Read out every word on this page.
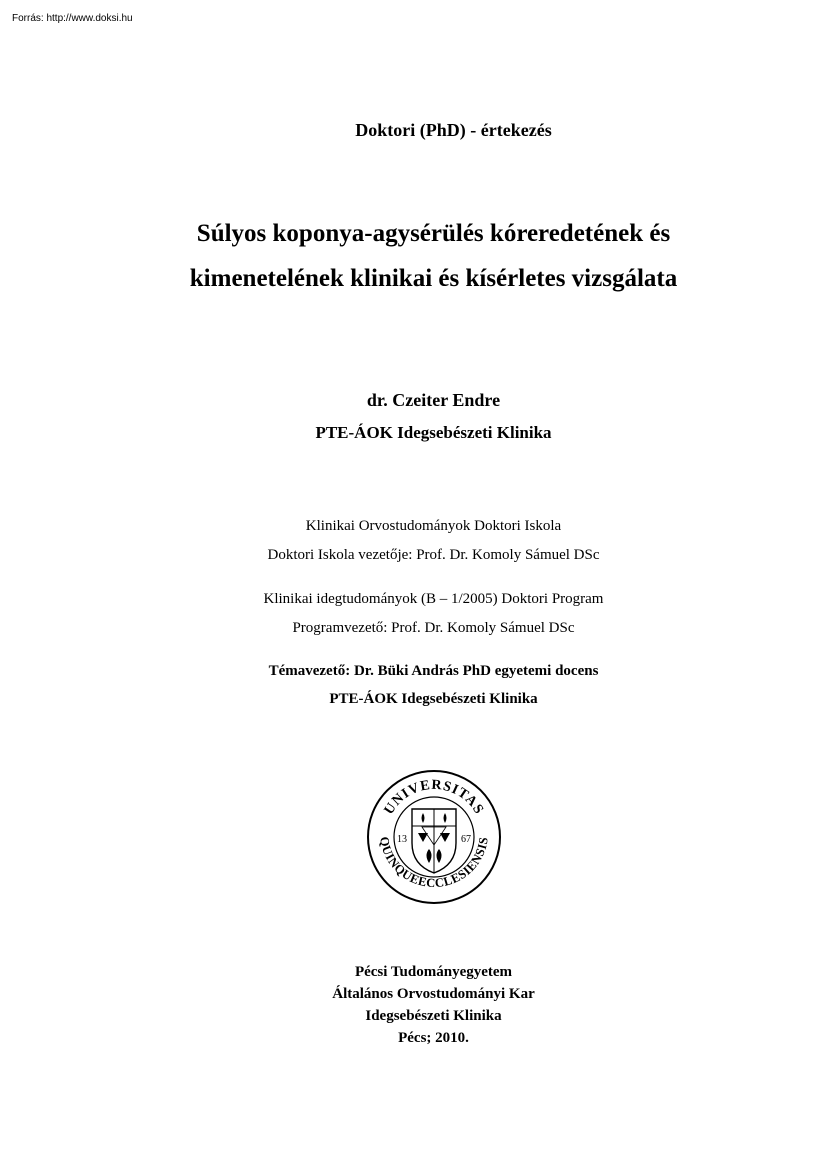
Forrás: http://www.doksi.hu
Doktori (PhD) - értekezés
Súlyos koponya-agysérülés kóreredetének és
kimenetelének klinikai és kísérletes vizsgálata
dr. Czeiter Endre
PTE-ÁOK Idegsebészeti Klinika
Klinikai Orvostudományok Doktori Iskola
Doktori Iskola vezetője: Prof. Dr. Komoly Sámuel DSc
Klinikai idegtudományok (B – 1/2005) Doktori Program
Programvezető: Prof. Dr. Komoly Sámuel DSc
Témavezető: Dr. Büki András PhD egyetemi docens
PTE-ÁOK Idegsebészeti Klinika
UNIVERSITAS
QUINQUEECCLESIENSIS
13	67
Pécsi Tudományegyetem
Általános Orvostudományi Kar
Idegsebészeti Klinika
Pécs; 2010.
